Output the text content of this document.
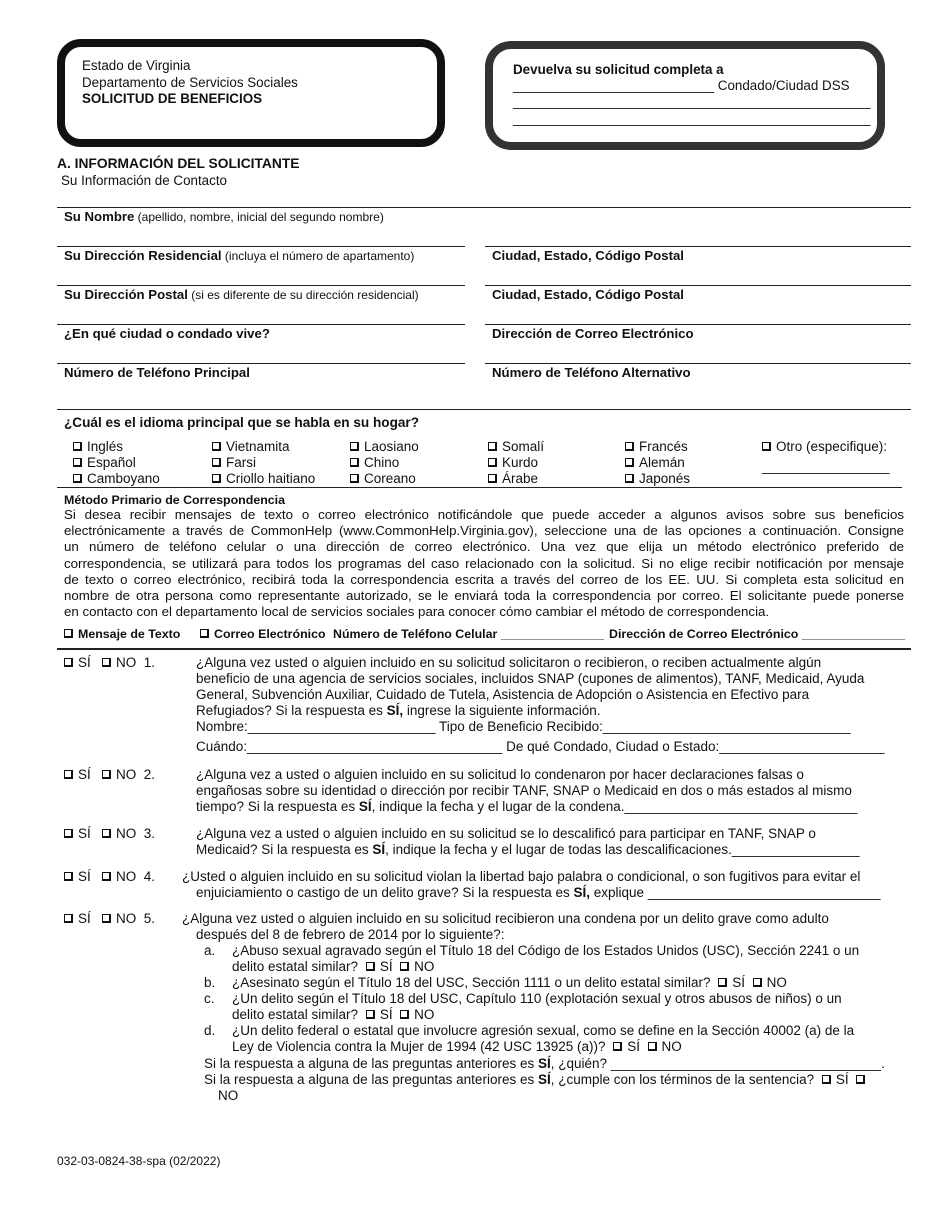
Estado de Virginia
Departamento de Servicios Sociales
SOLICITUD DE BENEFICIOS
Devuelva su solicitud completa a
___________________________ Condado/Ciudad DSS
________________________________________________
________________________________________________
A. INFORMACIÓN DEL SOLICITANTE
Su Información de Contacto
Su Nombre (apellido, nombre, inicial del segundo nombre)
Su Dirección Residencial (incluya el número de apartamento)	Ciudad, Estado, Código Postal
Su Dirección Postal (si es diferente de su dirección residencial)	Ciudad, Estado, Código Postal
¿En qué ciudad o condado vive?	Dirección de Correo Electrónico
Número de Teléfono Principal	Número de Teléfono Alternativo
¿Cuál es el idioma principal que se habla en su hogar?
Inglés
Español
Camboyano
Vietnamita
Farsi
Criollo haitiano
Laosiano
Chino
Coreano
Somalí
Kurdo
Árabe
Francés
Alemán
Japonés
Otro (especifique):
_________________
Método Primario de Correspondencia
Si desea recibir mensajes de texto o correo electrónico notificándole que puede acceder a algunos avisos sobre sus beneficios
electrónicamente a través de CommonHelp (www.CommonHelp.Virginia.gov), seleccione una de las opciones a continuación. Consigne
un número de teléfono celular o una dirección de correo electrónico. Una vez que elija un método electrónico preferido de
correspondencia, se utilizará para todos los programas del caso relacionado con la solicitud. Si no elige recibir notificación por mensaje
de texto o correo electrónico, recibirá toda la correspondencia escrita a través del correo de los EE. UU. Si completa esta solicitud en
nombre de otra persona como representante autorizado, se le enviará toda la correspondencia por correo. El solicitante puede ponerse
en contacto con el departamento local de servicios sociales para conocer cómo cambiar el método de correspondencia.
Mensaje de Texto	Correo Electrónico Número de Teléfono Celular _______________ Dirección de Correo Electrónico _______________
SÍ NO 1.	¿Alguna vez usted o alguien incluido en su solicitud solicitaron o recibieron, o reciben actualmente algún
beneficio de una agencia de servicios sociales, incluidos SNAP (cupones de alimentos), TANF, Medicaid, Ayuda
General, Subvención Auxiliar, Cuidado de Tutela, Asistencia de Adopción o Asistencia en Efectivo para
Refugiados? Si la respuesta es SÍ, ingrese la siguiente información.
Nombre:_________________________ Tipo de Beneficio Recibido:_________________________________
Cuándo:__________________________________ De qué Condado, Ciudad o Estado:______________________
SÍ NO 2.	¿Alguna vez a usted o alguien incluido en su solicitud lo condenaron por hacer declaraciones falsas o
engañosas sobre su identidad o dirección por recibir TANF, SNAP o Medicaid en dos o más estados al mismo
tiempo? Si la respuesta es SÍ, indique la fecha y el lugar de la condena._______________________________
SÍ NO 3.	¿Alguna vez a usted o alguien incluido en su solicitud se lo descalificó para participar en TANF, SNAP o
Medicaid? Si la respuesta es SÍ, indique la fecha y el lugar de todas las descalificaciones._________________
SÍ NO 4. ¿Usted o alguien incluido en su solicitud violan la libertad bajo palabra o condicional, o son fugitivos para evitar el
enjuiciamiento o castigo de un delito grave? Si la respuesta es SÍ, explique _______________________________
SÍ NO 5. ¿Alguna vez usted o alguien incluido en su solicitud recibieron una condena por un delito grave como adulto
después del 8 de febrero de 2014 por lo siguiente?:
a. ¿Abuso sexual agravado según el Título 18 del Código de los Estados Unidos (USC), Sección 2241 o un
delito estatal similar? SÍ NO
b. ¿Asesinato según el Título 18 del USC, Sección 1111 o un delito estatal similar? SÍ NO
c. ¿Un delito según el Título 18 del USC, Capítulo 110 (explotación sexual y otros abusos de niños) o un
delito estatal similar? SÍ NO
d. ¿Un delito federal o estatal que involucre agresión sexual, como se define en la Sección 40002 (a) de la
Ley de Violencia contra la Mujer de 1994 (42 USC 13925 (a))? SÍ NO
Si la respuesta a alguna de las preguntas anteriores es SÍ, ¿quién? ____________________________________.
Si la respuesta a alguna de las preguntas anteriores es SÍ, ¿cumple con los términos de la sentencia? SÍ
NO
032-03-0824-38-spa (02/2022)
